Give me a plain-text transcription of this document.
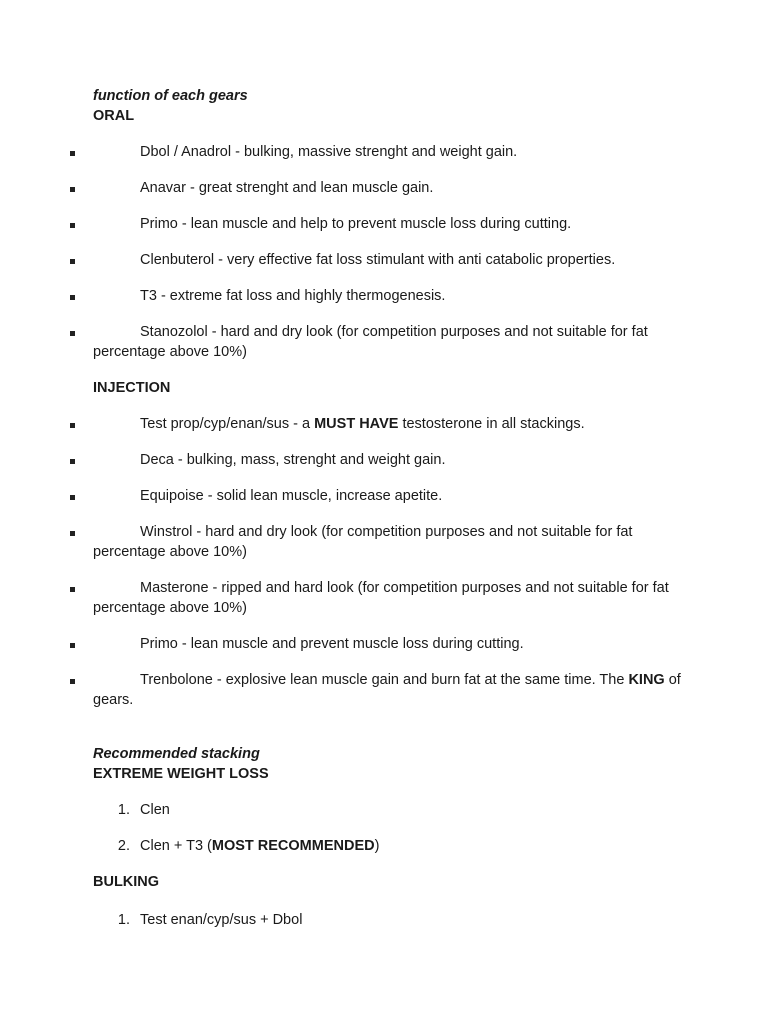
function of each gears

ORAL

Dbol / Anadrol - bulking, massive strenght and weight gain.

Anavar - great strenght and lean muscle gain.

Primo - lean muscle and help to prevent muscle loss during cutting.

Clenbuterol - very effective fat loss stimulant with anti catabolic properties.

T3 - extreme fat loss and highly thermogenesis.

Stanozolol - hard and dry look (for competition purposes and not suitable for fat
percentage above 10%)

INJECTION

Test prop/cyp/enan/sus - a MUST HAVE testosterone in all stackings.

Deca - bulking, mass, strenght and weight gain.

Equipoise - solid lean muscle, increase apetite.

Winstrol - hard and dry look (for competition purposes and not suitable for fat
percentage above 10%)

Masterone - ripped and hard look (for competition purposes and not suitable for fat
percentage above 10%)

Primo - lean muscle and prevent muscle loss during cutting.

Trenbolone - explosive lean muscle gain and burn fat at the same time. The KING of
gears.

Recommended stacking

EXTREME WEIGHT LOSS

1. Clen
2. Clen + T3 (MOST RECOMMENDED)

BULKING

1. Test enan/cyp/sus + Dbol
